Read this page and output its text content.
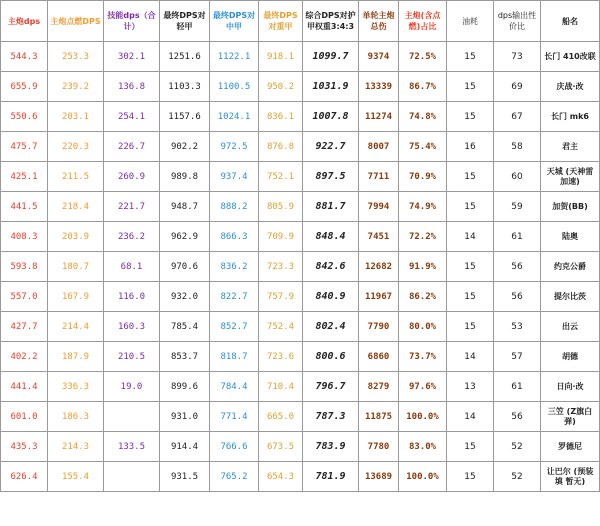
主炮dps	主炮点燃DPS	技能dps（合计）	最终DPS对轻甲	最终DPS对中甲	最终DPS对重甲	综合DPS对护甲权重3:4:3	单轮主炮总伤	主炮(含点燃)占比	油耗	dps输出性价比	船名
544.3	253.3	302.1	1251.6	1122.1	918.1	1099.7	9374	72.5%	15	73	长门 410改联
655.9	239.2	136.8	1103.3	1100.5	950.2	1031.9	13339	86.7%	15	69	庆战·改
550.6	203.1	254.1	1157.6	1024.1	836.1	1007.8	11274	74.8%	15	67	长门 mk6
475.7	220.3	226.7	902.2	972.5	876.8	922.7	8007	75.4%	16	58	君主
425.1	211.5	260.9	989.8	937.4	752.1	897.5	7711	70.9%	15	60	天城 (天神雷 加速)
441.5	218.4	221.7	948.7	888.2	805.9	881.7	7994	74.9%	15	59	加贺(BB)
408.3	203.9	236.2	962.9	866.3	709.9	848.4	7451	72.2%	14	61	陆奥
593.8	180.7	68.1	970.6	836.2	723.3	842.6	12682	91.9%	15	56	约克公爵
557.0	167.9	116.0	932.0	822.7	757.9	840.9	11967	86.2%	15	56	提尔比茨
427.7	214.4	160.3	785.4	852.7	752.4	802.4	7790	80.0%	15	53	出云
402.2	187.9	210.5	853.7	818.7	723.6	800.6	6860	73.7%	14	57	胡德
441.4	336.3	19.0	899.6	784.4	710.4	796.7	8279	97.6%	13	61	日向·改
601.0	186.3		931.0	771.4	665.0	787.3	11875	100.0%	14	56	三笠 (Z旗白弹)
435.3	214.3	133.5	914.4	766.6	673.5	783.9	7780	83.0%	15	52	罗德尼
626.4	155.4		931.5	765.2	654.3	781.9	13689	100.0%	15	52	让巴尔 (预装填 暂无)
